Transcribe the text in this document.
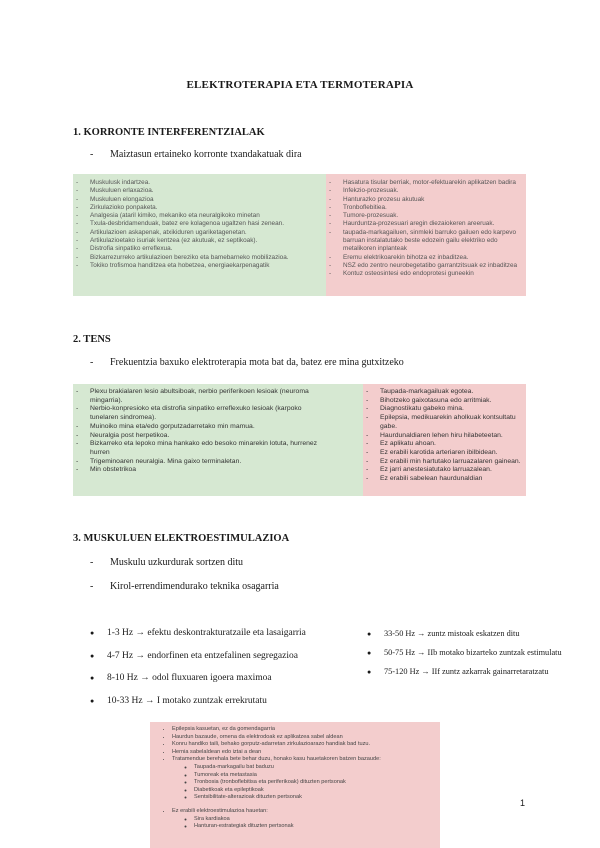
ELEKTROTERAPIA ETA TERMOTERAPIA
1. KORRONTE INTERFERENTZIALAK
- Maiztasun ertaineko korronte txandakatuak dira
- Muskulusk indartzea.
- Muskuluen erlaxazioa.
- Muskuluen elongazioa
- Zirkulazioko ponpaketa.
- Analgesia (ataril kimiko, mekaniko eta neuralgikoko minetan
- Txula-desbridamenduak, batez ere kolagenoa ugaltzen hasi zenean.
- Artikulazioen askapenak, atxikiduren ugariketagenetan.
- Artikulazioetako isuriak kentzea (ez akutuak, ez septikoak).
- Distrofia sinpatiko erreflexua.
- Bizkarrezurreko artikulazioen bereziko eta bamebarneko mobilizazioa.
- Tokiko trofismoa handitzea eta hobetzea, energiaekarpenagatik
- Hasatura tisular berriak, motor-efektuarekin aplikatzen badira
- Infekzio-prozesuak.
- Hanturazko prozesu akutuak
- Tronboflebitiea.
- Tumore-prozesuak.
- Haurduntza-prozesuari aregin diezaiokeren areeruak.
- taupada-markagailuen, sinmleki barruko gailuen edo karpevo barruan instalatutako beste edozein gailu elektriko edo metalikoren inplanteak
- Eremu elektrikoarekin bihotza ez inbaditzea.
- NSZ edo zentro neurobegetatibo garrantzitsuak ez inbaditzea
- Kontuz osteosintesi edo endoprotesi guneekin
2. TENS
- Frekuentzia baxuko elektroterapia mota bat da, batez ere mina gutxitzeko
- Plexu brakialaren lesio abultsiboak, nerbio periferikoen lesioak (neuroma
mingarria).
- Nerbio-konpresioko eta distrofia sinpatiko erreflexuko lesioak (karpoko
tunelaren sindromea).
- Muinoiko mina eta/edo gorputzadarretako min mamua.
- Neuralgia post herpetikoa.
- Bizkarreko eta lepoko mina hankako edo besoko minarekin lotuta, hurrenez
hurren
- Trigeminoaren neuralgia. Mina gaixo terminaletan.
- Min obstetrikoa
- Taupada-markagailuak egotea.
- Bihotzeko gaixotasuna edo arritmiak.
- Diagnostikatu gabeko mina.
- Epilepsia, medikuarekin aholkuak kontsultatu gabe.
- Haurdunaldiaren lehen hiru hilabeteetan.
- Ez aplikatu ahoan.
- Ez erabili karotida arteriaren ibilbidean.
- Ez erabili min hartutako larruazalaren gainean.
- Ez jarri anestesiatutako larruazalean.
- Ez erabili sabelean haurdunaldian
3. MUSKULUEN ELEKTROESTIMULAZIOA
- Muskulu uzkurdurak sortzen ditu
- Kirol-errendimendurako teknika osagarria
● 1-3 Hz → efektu deskontrakturatzaile eta lasaigarria
● 4-7 Hz → endorfinen eta entzefalinen segregazioa
● 8-10 Hz → odol fluxuaren igoera maximoa
● 10-33 Hz → I motako zuntzak errekrutatu
● 33-50 Hz → zuntz mistoak eskatzen ditu
● 50-75 Hz → IIb motako bizarteko zuntzak estimulatu
● 75-120 Hz → IIf zuntz azkarrak gainarretaratzatu
• Epilepsia kasuetan, ez da gomendagarria
• Haurdun bazaude, ornena da elektrodoak ez aplikatzea sabel aldean
• Konru handiko taili, behako gorputz-adarretan zirkulazioarazo handiak bad tuzu.
• Hernia sabelaldean edo iztai a dean
• Tratamendue berehala bete behar duzu, honako kasu hauetakoren batzen bazaude:
◦ Taupada-markagailu bat baduzu
◦ Tumoreak eta metastasia
◦ Tronbosia (tronboflebitisa eta periferikoak) dituzten pertsonak
◦ Diabetikoak eta epileptikoak
◦ Sentsibilitate-alterazioak dituzten pertsonak
• Ez erabili elektroestimulazioa hauetan:
◦ Sira kardiakoa
◦ Hanturan-estrategiak dituzten pertsonak
1
